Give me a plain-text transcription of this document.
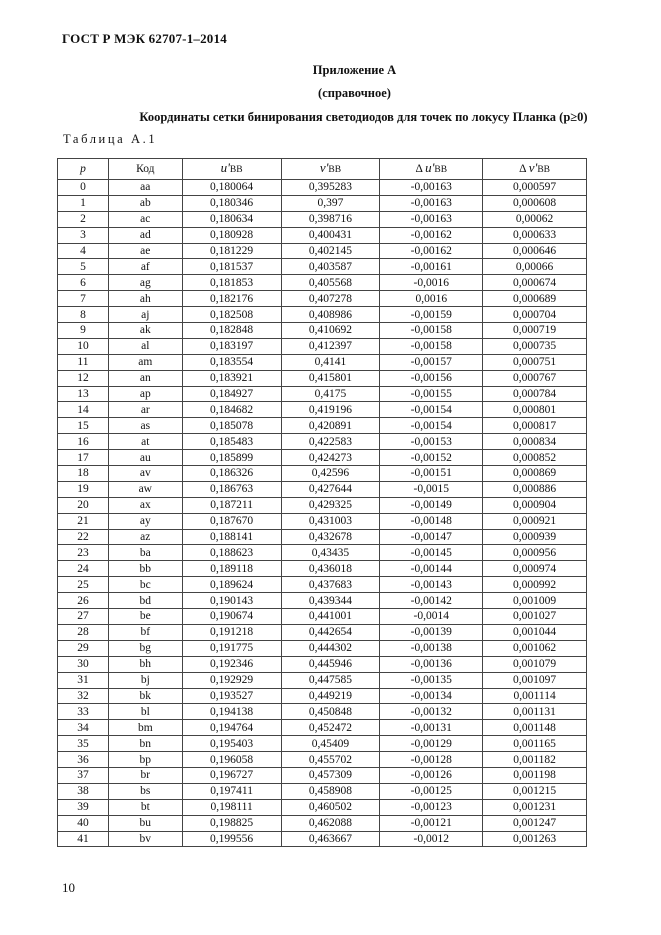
ГОСТ Р МЭК 62707-1–2014
Приложение А
(справочное)
Координаты сетки бинирования светодиодов для точек по локусу Планка (p≥0)
Таблица А.1
p	Код	u'BB	v'BB	Δ u'BB	Δ v'BB
0	aa	0,180064	0,395283	-0,00163	0,000597
1	ab	0,180346	0,397	-0,00163	0,000608
2	ac	0,180634	0,398716	-0,00163	0,00062
3	ad	0,180928	0,400431	-0,00162	0,000633
4	ae	0,181229	0,402145	-0,00162	0,000646
5	af	0,181537	0,403587	-0,00161	0,00066
6	ag	0,181853	0,405568	-0,0016	0,000674
7	ah	0,182176	0,407278	0,0016	0,000689
8	aj	0,182508	0,408986	-0,00159	0,000704
9	ak	0,182848	0,410692	-0,00158	0,000719
10	al	0,183197	0,412397	-0,00158	0,000735
11	am	0,183554	0,4141	-0,00157	0,000751
12	an	0,183921	0,415801	-0,00156	0,000767
13	ap	0,184927	0,4175	-0,00155	0,000784
14	ar	0,184682	0,419196	-0,00154	0,000801
15	as	0,185078	0,420891	-0,00154	0,000817
16	at	0,185483	0,422583	-0,00153	0,000834
17	au	0,185899	0,424273	-0,00152	0,000852
18	av	0,186326	0,42596	-0,00151	0,000869
19	aw	0,186763	0,427644	-0,0015	0,000886
20	ax	0,187211	0,429325	-0,00149	0,000904
21	ay	0,187670	0,431003	-0,00148	0,000921
22	az	0,188141	0,432678	-0,00147	0,000939
23	ba	0,188623	0,43435	-0,00145	0,000956
24	bb	0,189118	0,436018	-0,00144	0,000974
25	bc	0,189624	0,437683	-0,00143	0,000992
26	bd	0,190143	0,439344	-0,00142	0,001009
27	be	0,190674	0,441001	-0,0014	0,001027
28	bf	0,191218	0,442654	-0,00139	0,001044
29	bg	0,191775	0,444302	-0,00138	0,001062
30	bh	0,192346	0,445946	-0,00136	0,001079
31	bj	0,192929	0,447585	-0,00135	0,001097
32	bk	0,193527	0,449219	-0,00134	0,001114
33	bl	0,194138	0,450848	-0,00132	0,001131
34	bm	0,194764	0,452472	-0,00131	0,001148
35	bn	0,195403	0,45409	-0,00129	0,001165
36	bp	0,196058	0,455702	-0,00128	0,001182
37	br	0,196727	0,457309	-0,00126	0,001198
38	bs	0,197411	0,458908	-0,00125	0,001215
39	bt	0,198111	0,460502	-0,00123	0,001231
40	bu	0,198825	0,462088	-0,00121	0,001247
41	bv	0,199556	0,463667	-0,0012	0,001263
10
